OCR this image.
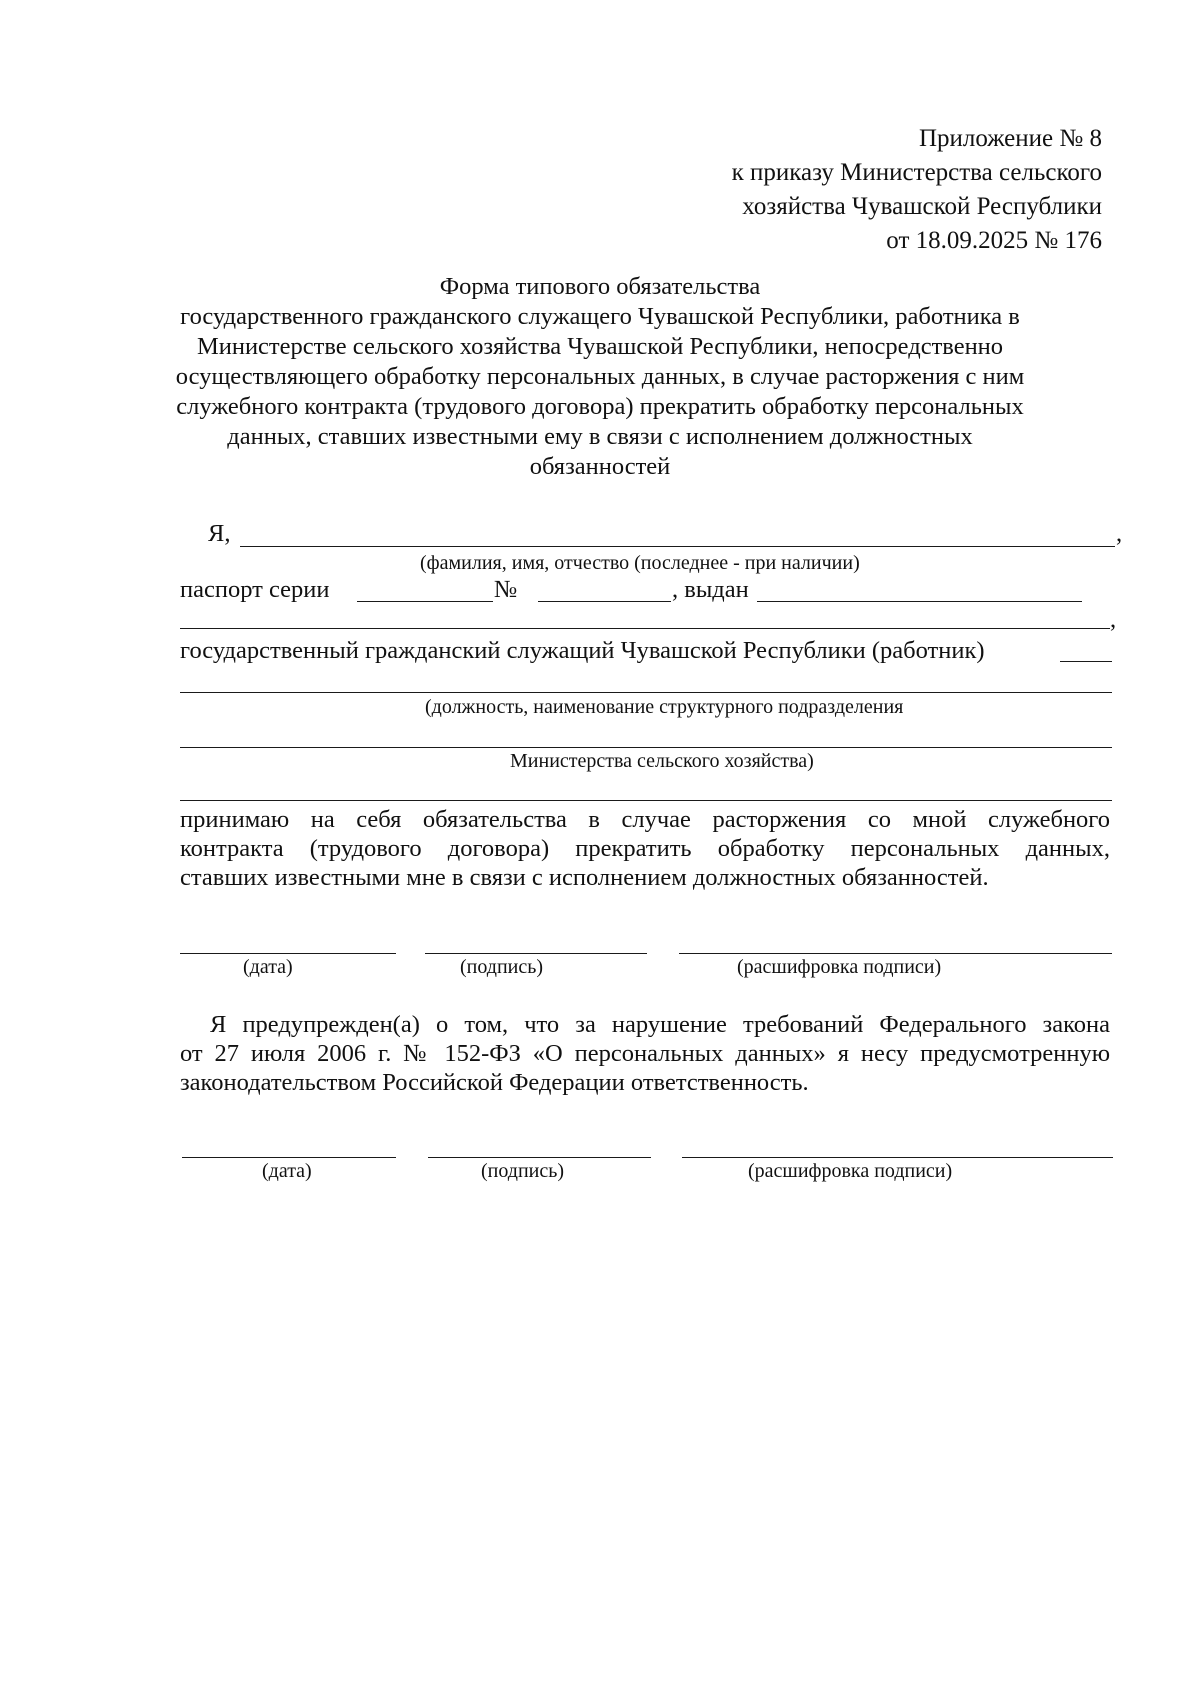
Приложение № 8
к приказу Министерства сельского
хозяйства Чувашской Республики
от 18.09.2025 № 176
Форма типового обязательства
государственного гражданского служащего Чувашской Республики, работника в
Министерстве сельского хозяйства Чувашской Республики, непосредственно
осуществляющего обработку персональных данных, в случае расторжения с ним
служебного контракта (трудового договора) прекратить обработку персональных
данных, ставших известными ему в связи с исполнением должностных
обязанностей
Я,	,
(фамилия, имя, отчество (последнее - при наличии)
паспорт серии	№	, выдан
,
государственный гражданский служащий Чувашской Республики (работник)
(должность, наименование структурного подразделения
Министерства сельского хозяйства)
принимаю на себя обязательства в случае расторжения со мной служебного
контракта (трудового договора) прекратить обработку персональных данных,
ставших известными мне в связи с исполнением должностных обязанностей.
(дата)	(подпись)	(расшифровка подписи)
Я предупрежден(а) о том, что за нарушение требований Федерального закона
от 27 июля 2006 г. № 152-ФЗ «О персональных данных» я несу предусмотренную
законодательством Российской Федерации ответственность.
(дата)	(подпись)	(расшифровка подписи)
